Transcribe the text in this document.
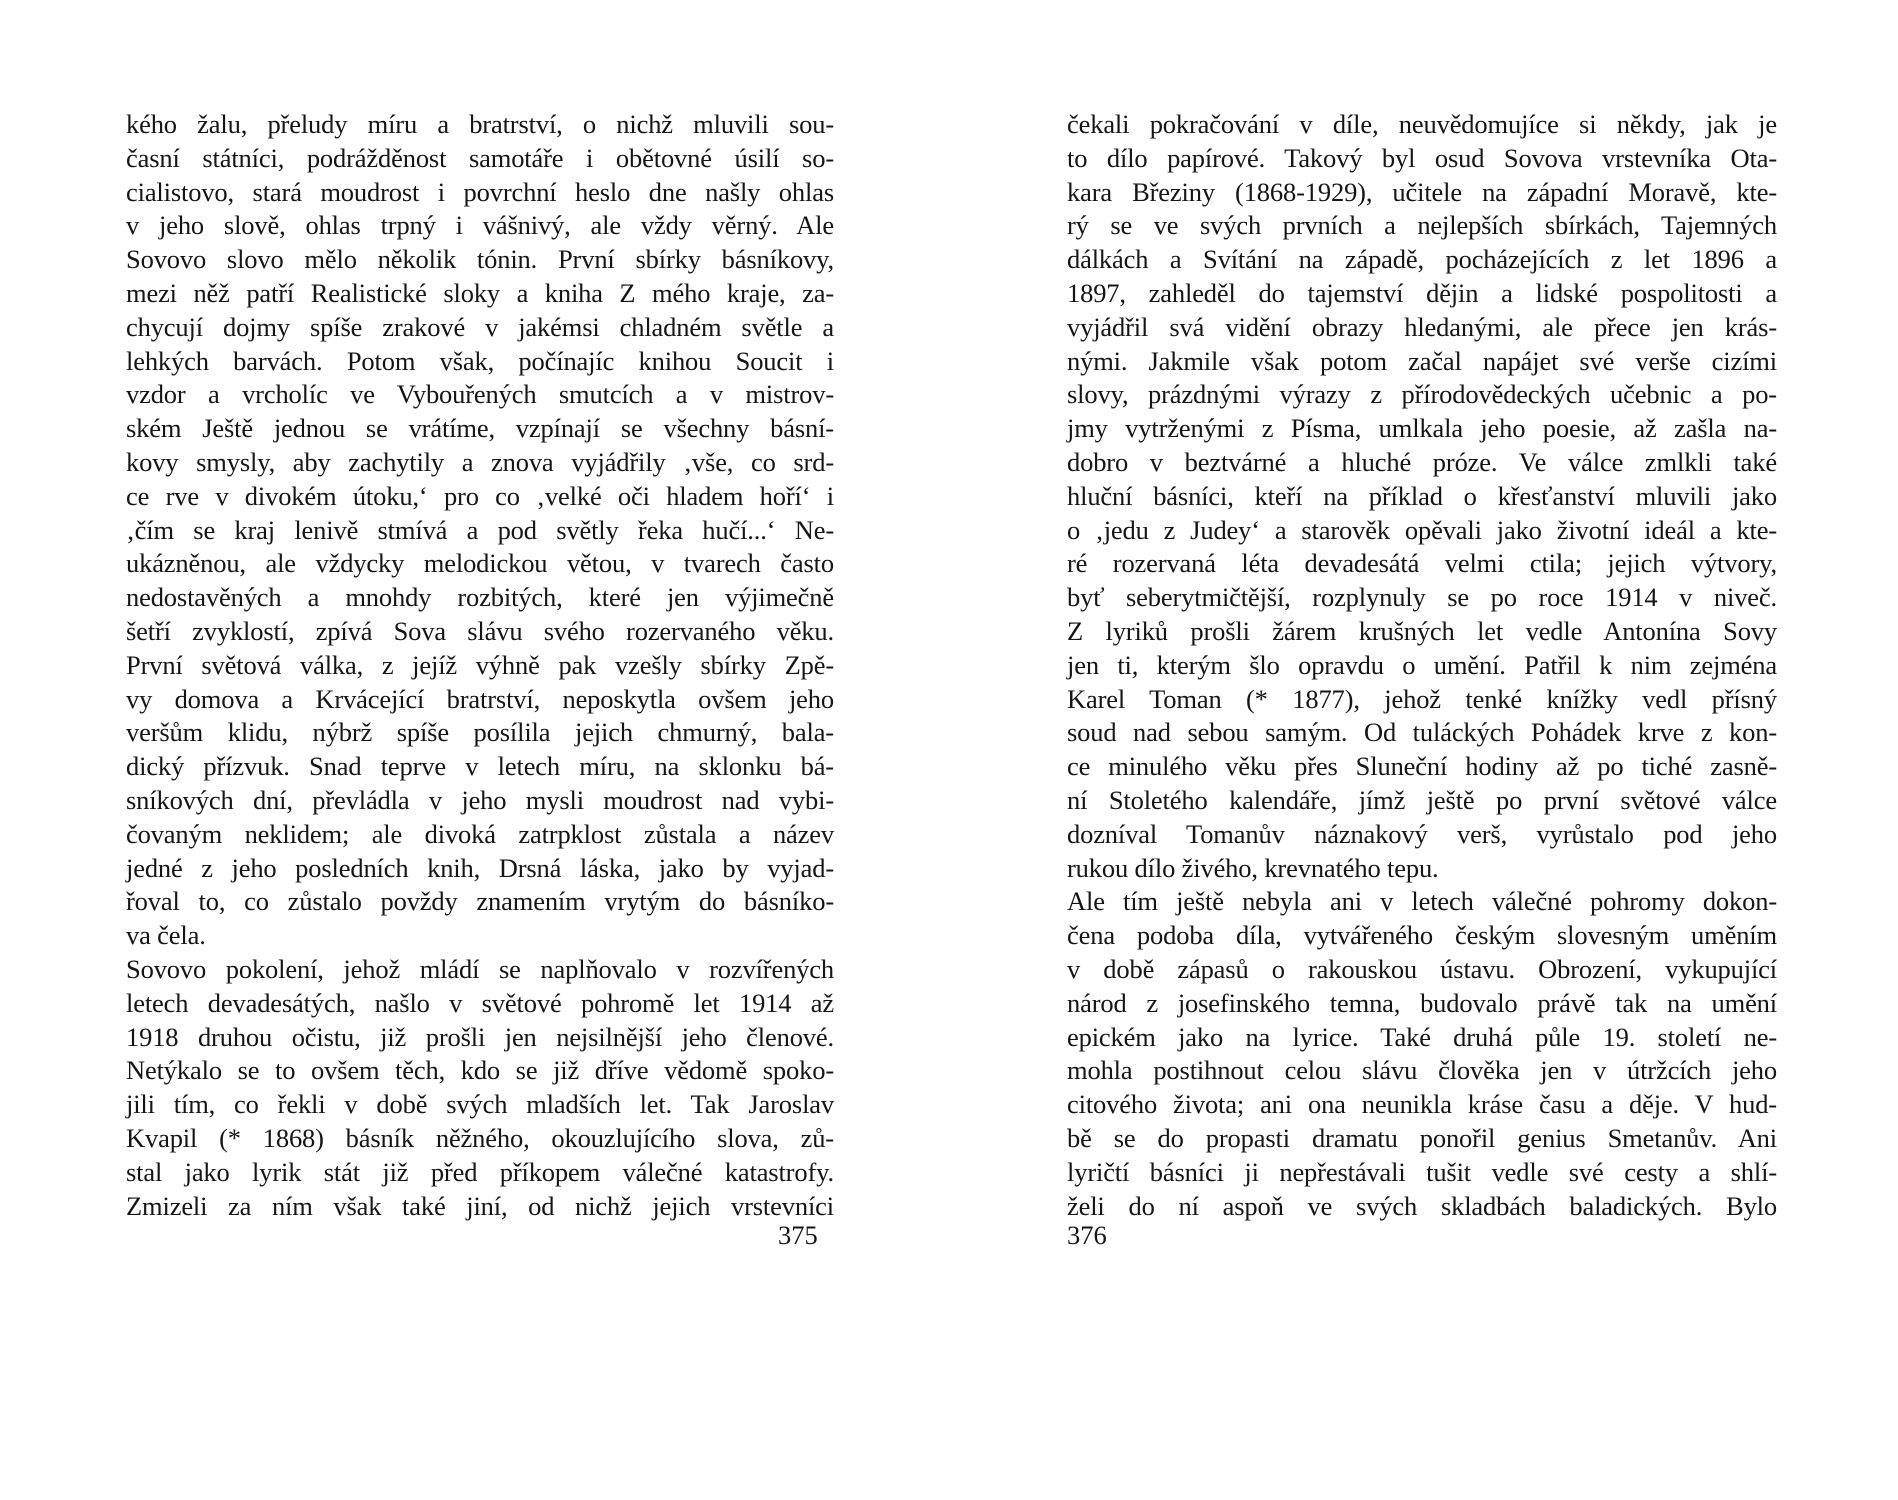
kého žalu, přeludy míru a bratrství, o nichž mluvili sou-
časní státníci, podrážděnost samotáře i obětovné úsilí so-
cialistovo, stará moudrost i povrchní heslo dne našly ohlas
v jeho slově, ohlas trpný i vášnivý, ale vždy věrný. Ale
Sovovo slovo mělo několik tónin. První sbírky básníkovy,
mezi něž patří Realistické sloky a kniha Z mého kraje, za-
chycují dojmy spíše zrakové v jakémsi chladném světle a
lehkých barvách. Potom však, počínajíc knihou Soucit i
vzdor a vrcholíc ve Vybouřených smutcích a v mistrov-
ském Ještě jednou se vrátíme, vzpínají se všechny básní-
kovy smysly, aby zachytily a znova vyjádřily ‚vše, co srd-
ce rve v divokém útoku,‘ pro co ‚velké oči hladem hoří‘ i
‚čím se kraj lenivě stmívá a pod světly řeka hučí...‘ Ne-
ukázněnou, ale vždycky melodickou větou, v tvarech často
nedostavěných a mnohdy rozbitých, které jen výjimečně
šetří zvyklostí, zpívá Sova slávu svého rozervaného věku.
První světová válka, z jejíž výhně pak vzešly sbírky Zpě-
vy domova a Krvácející bratrství, neposkytla ovšem jeho
veršům klidu, nýbrž spíše posílila jejich chmurný, bala-
dický přízvuk. Snad teprve v letech míru, na sklonku bá-
sníkových dní, převládla v jeho mysli moudrost nad vybi-
čovaným neklidem; ale divoká zatrpklost zůstala a název
jedné z jeho posledních knih, Drsná láska, jako by vyjad-
řoval to, co zůstalo povždy znamením vrytým do básníko-
va čela.
Sovovo pokolení, jehož mládí se naplňovalo v rozvířených
letech devadesátých, našlo v světové pohromě let 1914 až
1918 druhou očistu, již prošli jen nejsilnější jeho členové.
Netýkalo se to ovšem těch, kdo se již dříve vědomě spoko-
jili tím, co řekli v době svých mladších let. Tak Jaroslav
Kvapil (* 1868) básník něžného, okouzlujícího slova, zů-
stal jako lyrik stát již před příkopem válečné katastrofy.
Zmizeli za ním však také jiní, od nichž jejich vrstevníci
375
čekali pokračování v díle, neuvědomujíce si někdy, jak je
to dílo papírové. Takový byl osud Sovova vrstevníka Ota-
kara Březiny (1868-1929), učitele na západní Moravě, kte-
rý se ve svých prvních a nejlepších sbírkách, Tajemných
dálkách a Svítání na západě, pocházejících z let 1896 a
1897, zahleděl do tajemství dějin a lidské pospolitosti a
vyjádřil svá vidění obrazy hledanými, ale přece jen krás-
nými. Jakmile však potom začal napájet své verše cizími
slovy, prázdnými výrazy z přírodovědeckých učebnic a po-
jmy vytrženými z Písma, umlkala jeho poesie, až zašla na-
dobro v beztvárné a hluché próze. Ve válce zmlkli také
hluční básníci, kteří na příklad o křesťanství mluvili jako
o ‚jedu z Judey‘ a starověk opěvali jako životní ideál a kte-
ré rozervaná léta devadesátá velmi ctila; jejich výtvory,
byť seberytmičtější, rozplynuly se po roce 1914 v niveč.
Z lyriků prošli žárem krušných let vedle Antonína Sovy
jen ti, kterým šlo opravdu o umění. Patřil k nim zejména
Karel Toman (* 1877), jehož tenké knížky vedl přísný
soud nad sebou samým. Od tuláckých Pohádek krve z kon-
ce minulého věku přes Sluneční hodiny až po tiché zasně-
ní Stoletého kalendáře, jímž ještě po první světové válce
dozníval Tomanův náznakový verš, vyrůstalo pod jeho
rukou dílo živého, krevnatého tepu.
Ale tím ještě nebyla ani v letech válečné pohromy dokon-
čena podoba díla, vytvářeného českým slovesným uměním
v době zápasů o rakouskou ústavu. Obrození, vykupující
národ z josefinského temna, budovalo právě tak na umění
epickém jako na lyrice. Také druhá půle 19. století ne-
mohla postihnout celou slávu člověka jen v útržcích jeho
citového života; ani ona neunikla kráse času a děje. V hud-
bě se do propasti dramatu ponořil genius Smetanův. Ani
lyričtí básníci ji nepřestávali tušit vedle své cesty a shlí-
želi do ní aspoň ve svých skladbách baladických. Bylo
376
